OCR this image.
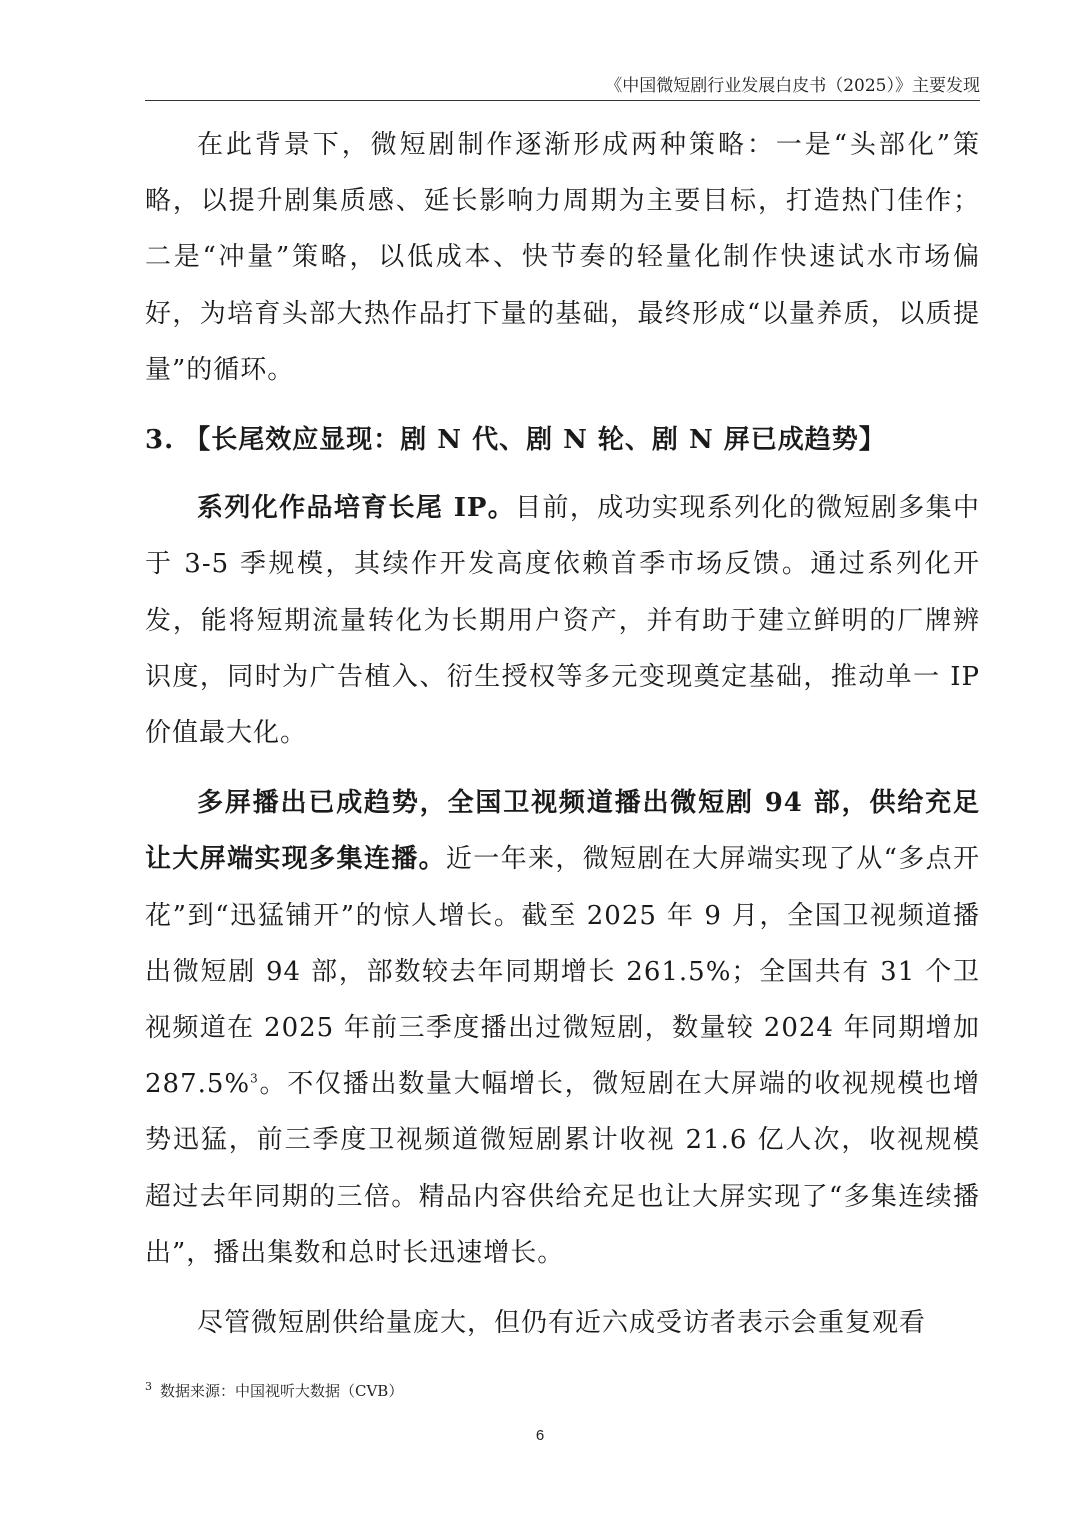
《中国微短剧行业发展白皮书（2025）》主要发现

在此背景下，微短剧制作逐渐形成两种策略：一是“头部化”策略，以提升剧集质感、延长影响力周期为主要目标，打造热门佳作；二是“冲量”策略，以低成本、快节奏的轻量化制作快速试水市场偏好，为培育头部大热作品打下量的基础，最终形成“以量养质，以质提量”的循环。

3. 【长尾效应显现：剧 N 代、剧 N 轮、剧 N 屏已成趋势】

系列化作品培育长尾 IP。目前，成功实现系列化的微短剧多集中于 3-5 季规模，其续作开发高度依赖首季市场反馈。通过系列化开发，能将短期流量转化为长期用户资产，并有助于建立鲜明的厂牌辨识度，同时为广告植入、衍生授权等多元变现奠定基础，推动单一 IP 价值最大化。

多屏播出已成趋势，全国卫视频道播出微短剧 94 部，供给充足让大屏端实现多集连播。近一年来，微短剧在大屏端实现了从“多点开花”到“迅猛铺开”的惊人增长。截至 2025 年 9 月，全国卫视频道播出微短剧 94 部，部数较去年同期增长 261.5%；全国共有 31 个卫视频道在 2025 年前三季度播出过微短剧，数量较 2024 年同期增加 287.5%$^3$。不仅播出数量大幅增长，微短剧在大屏端的收视规模也增势迅猛，前三季度卫视频道微短剧累计收视 21.6 亿人次，收视规模超过去年同期的三倍。精品内容供给充足也让大屏实现了“多集连续播出”，播出集数和总时长迅速增长。

尽管微短剧供给量庞大，但仍有近六成受访者表示会重复观看

$^3$ 数据来源：中国视听大数据（CVB）
6
